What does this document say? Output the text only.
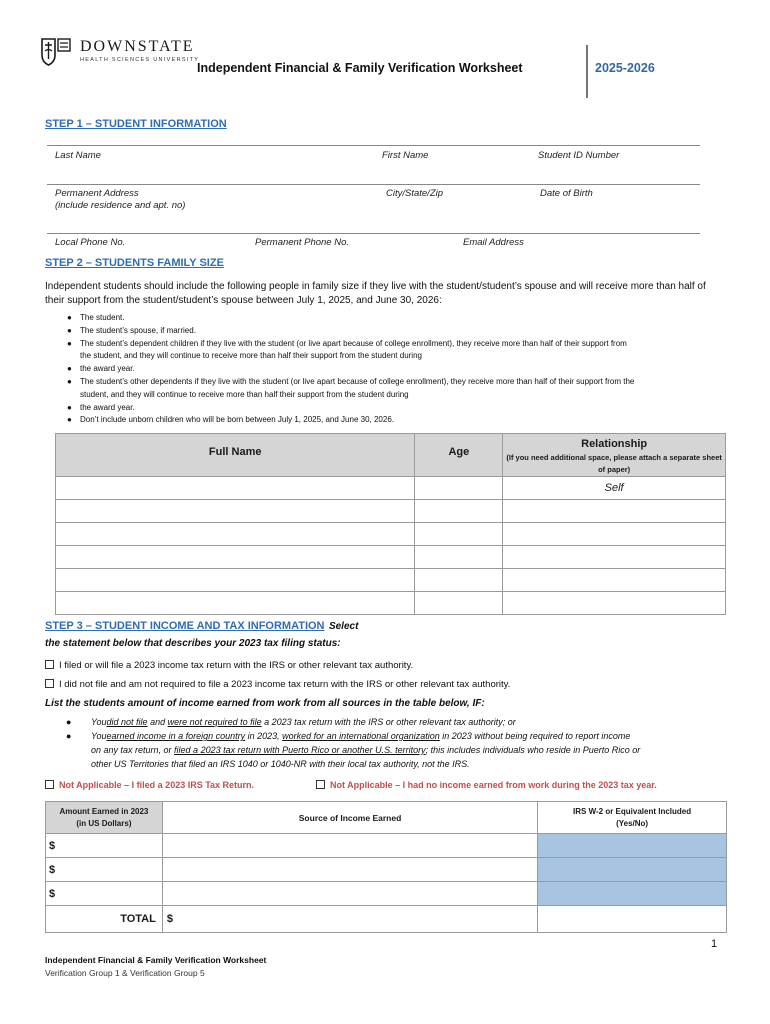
DOWNSTATE
HEALTH SCIENCES UNIVERSITY
Independent Financial & Family Verification Worksheet	2025-2026
STEP 1 – STUDENT INFORMATION
Last Name	First Name	Student ID Number
Permanent Address
(include residence and apt. no)
City/State/Zip	Date of Birth
Local Phone No.	Permanent Phone No.	Email Address
STEP 2 – STUDENTS FAMILY SIZE
Independent students should include the following people in family size if they live with the student/student’s spouse and will receive more than half of
their support from the student/student’s spouse between July 1, 2025, and June 30, 2026:
● The student.
● The student’s spouse, if married.
● The student’s dependent children if they live with the student (or live apart because of college enrollment), they receive more than half of their support from
the student, and they will continue to receive more than half their support from the student during
● the award year.
● The student’s other dependents if they live with the student (or live apart because of college enrollment), they receive more than half of their support from the
student, and they will continue to receive more than half their support from the student during
● the award year.
● Don’t include unborn children who will be born between July 1, 2025, and June 30, 2026.
Full Name	Age	Relationship
(If you need additional space, please attach a separate sheet of paper)

		Self

STEP 3 – STUDENT INCOME AND TAX INFORMATION Select
the statement below that describes your 2023 tax filing status:
I filed or will file a 2023 income tax return with the IRS or other relevant tax authority.
I did not file and am not required to file a 2023 income tax return with the IRS or other relevant tax authority.
List the students amount of income earned from work from all sources in the table below, IF:
● Youdid not file and were not required to file a 2023 tax return with the IRS or other relevant tax authority; or
● Youearned income in a foreign country in 2023, worked for an international organization in 2023 without being required to report income
on any tax return, or filed a 2023 tax return with Puerto Rico or another U.S. territory; this includes individuals who reside in Puerto Rico or
other US Territories that filed an IRS 1040 or 1040-NR with their local tax authority, not the IRS.
Not Applicable – I filed a 2023 IRS Tax Return.	Not Applicable – I had no income earned from work during the 2023 tax year.
Amount Earned in 2023 (in US Dollars)	Source of Income Earned	IRS W-2 or Equivalent Included (Yes/No)
$		
$		
$		
TOTAL	$	
1
Independent Financial & Family Verification Worksheet
Verification Group 1 & Verification Group 5
